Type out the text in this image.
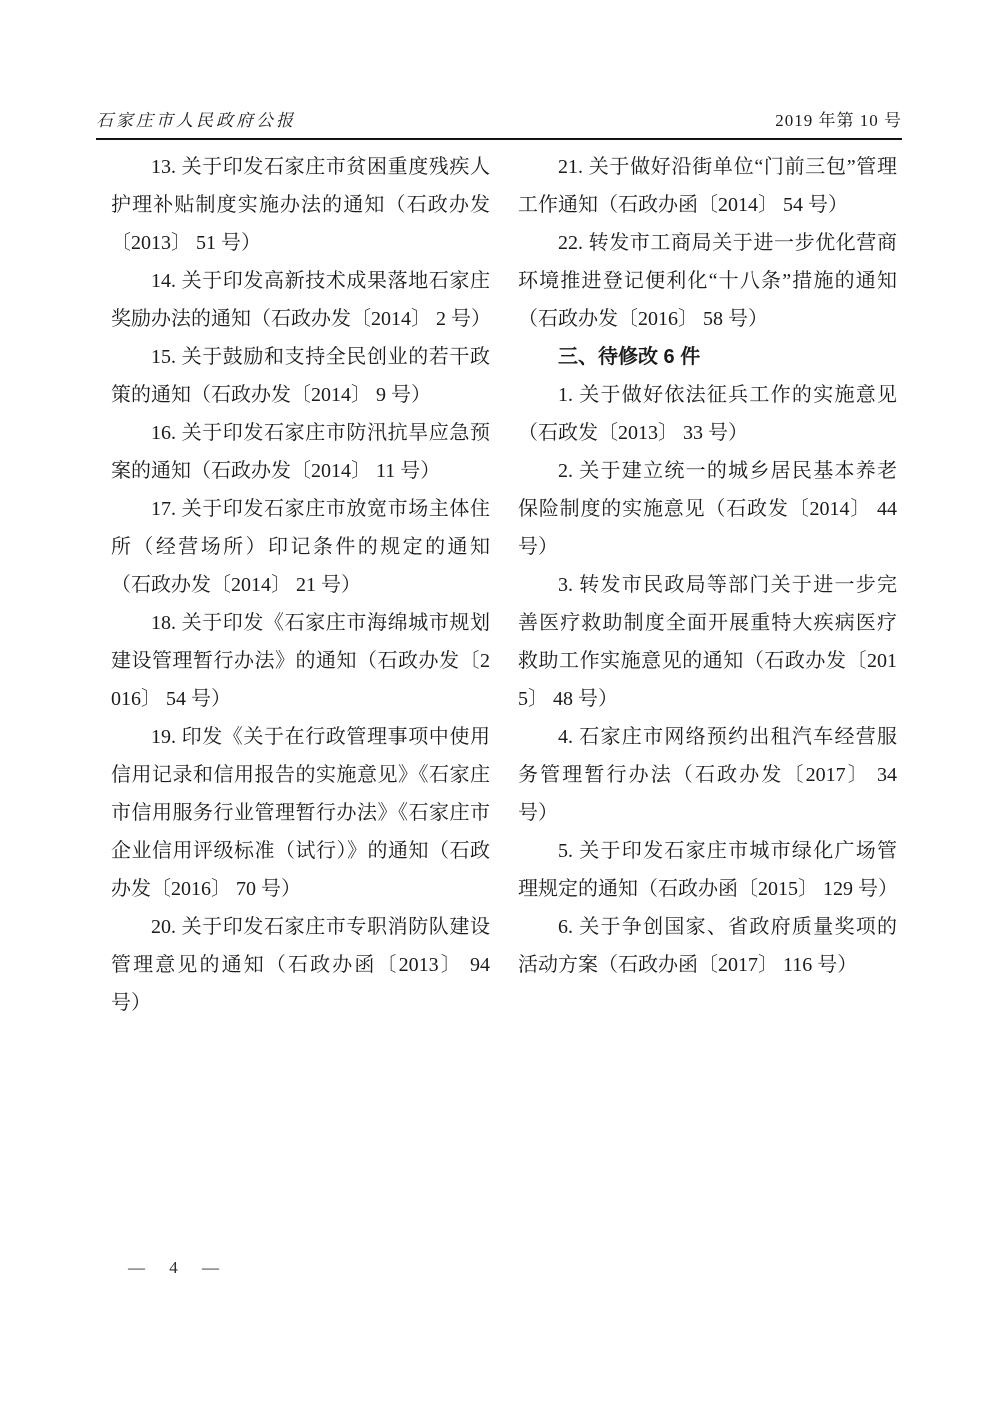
石家庄市人民政府公报	2019 年第 10 号

13. 关于印发石家庄市贫困重度残疾人护理补贴制度实施办法的通知（石政办发〔2013〕 51 号）

14. 关于印发高新技术成果落地石家庄奖励办法的通知（石政办发〔2014〕 2 号）

15. 关于鼓励和支持全民创业的若干政策的通知（石政办发〔2014〕 9 号）

16. 关于印发石家庄市防汛抗旱应急预案的通知（石政办发〔2014〕 11 号）

17. 关于印发石家庄市放宽市场主体住所（经营场所）印记条件的规定的通知（石政办发〔2014〕 21 号）

18. 关于印发《石家庄市海绵城市规划建设管理暂行办法》的通知（石政办发〔2016〕 54 号）

19. 印发《关于在行政管理事项中使用信用记录和信用报告的实施意见》《石家庄市信用服务行业管理暂行办法》《石家庄市企业信用评级标准（试行）》的通知（石政办发〔2016〕 70 号）

20. 关于印发石家庄市专职消防队建设管理意见的通知（石政办函〔2013〕 94 号）

21. 关于做好沿街单位“门前三包”管理工作通知（石政办函〔2014〕 54 号）

22. 转发市工商局关于进一步优化营商环境推进登记便利化“十八条”措施的通知（石政办发〔2016〕 58 号）

三、待修改 6 件

1. 关于做好依法征兵工作的实施意见（石政发〔2013〕 33 号）

2. 关于建立统一的城乡居民基本养老保险制度的实施意见（石政发〔2014〕 44 号）

3. 转发市民政局等部门关于进一步完善医疗救助制度全面开展重特大疾病医疗救助工作实施意见的通知（石政办发〔2015〕 48 号）

4. 石家庄市网络预约出租汽车经营服务管理暂行办法（石政办发〔2017〕 34 号）

5. 关于印发石家庄市城市绿化广场管理规定的通知（石政办函〔2015〕 129 号）

6. 关于争创国家、省政府质量奖项的活动方案（石政办函〔2017〕 116 号）

— 4 —
